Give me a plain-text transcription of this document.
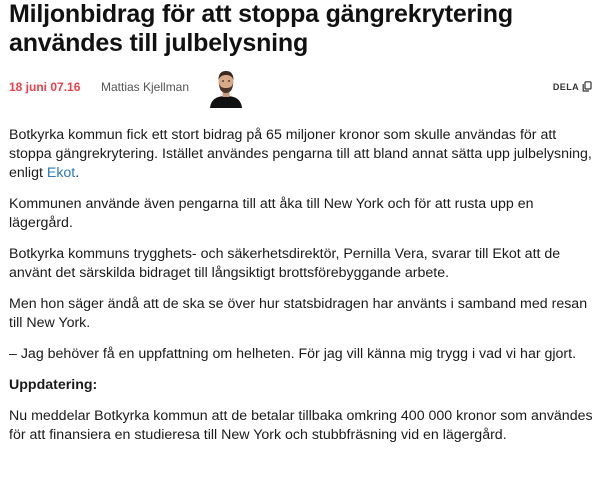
Miljonbidrag för att stoppa gängrekrytering användes till julbelysning
18 juni 07.16 Mattias Kjellman	DELA

Botkyrka kommun fick ett stort bidrag på 65 miljoner kronor som skulle användas för att stoppa gängrekrytering. Istället användes pengarna till att bland annat sätta upp julbelysning, enligt Ekot.

Kommunen använde även pengarna till att åka till New York och för att rusta upp en lägergård.

Botkyrka kommuns trygghets- och säkerhetsdirektör, Pernilla Vera, svarar till Ekot att de använt det särskilda bidraget till långsiktigt brottsförebyggande arbete.

Men hon säger ändå att de ska se över hur statsbidragen har använts i samband med resan till New York.

– Jag behöver få en uppfattning om helheten. För jag vill känna mig trygg i vad vi har gjort.

Uppdatering:

Nu meddelar Botkyrka kommun att de betalar tillbaka omkring 400 000 kronor som användes för att finansiera en studieresa till New York och stubbfräsning vid en lägergård.
